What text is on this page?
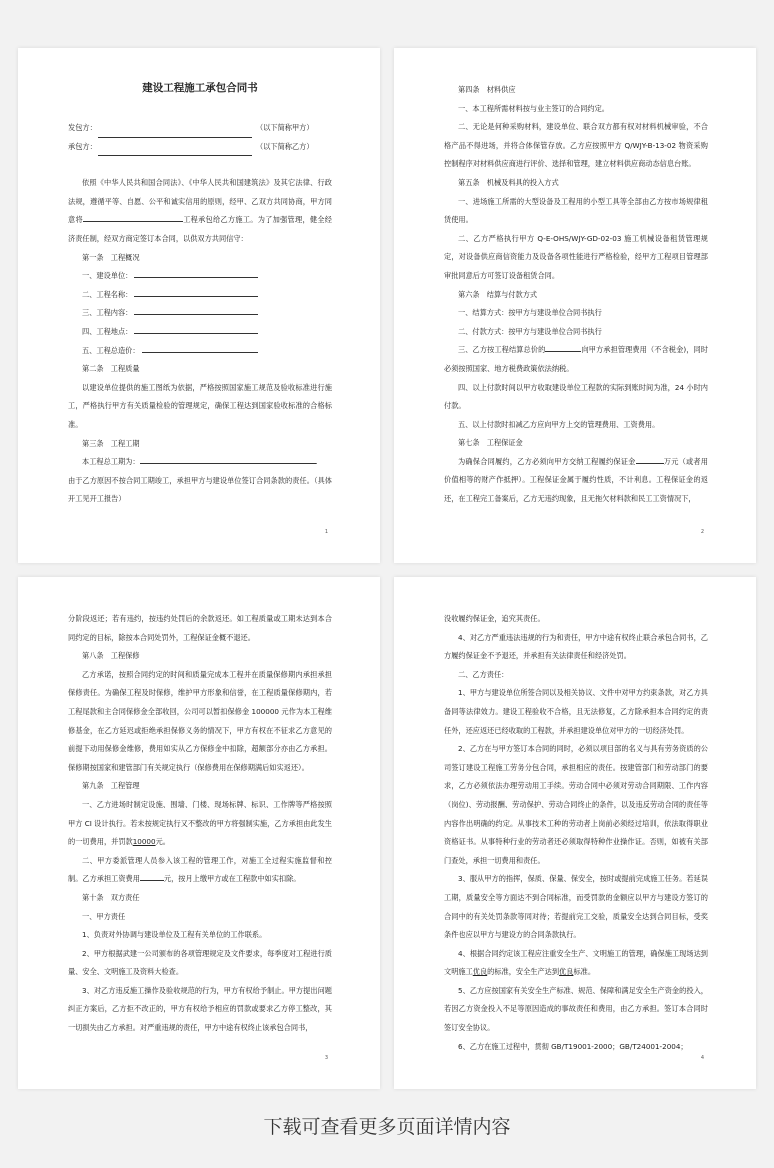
建设工程施工承包合同书

发包方：	（以下简称甲方）
承包方：	（以下简称乙方）

依照《中华人民共和国合同法》、《中华人民共和国建筑法》及其它法律、行政法规，遵循平等、自愿、公平和诚实信用的原则，经甲、乙双方共同协商，甲方同意将	工程承包给乙方施工。为了加强管理，健全经济责任制，经双方商定签订本合同，以供双方共同信守：

第一条　工程概况

一、建设单位：

二、工程名称：

三、工程内容：

四、工程地点：

五、工程总造价：

第二条　工程质量

以建设单位提供的施工图纸为依据，严格按照国家施工规范及验收标准进行施工，严格执行甲方有关质量检验的管理规定，确保工程达到国家验收标准的合格标准。

第三条　工程工期

本工程总工期为：	.

由于乙方原因不按合同工期竣工，承担甲方与建设单位签订合同条款的责任。（具体开工见开工报告）

1

第四条　材料供应

一、本工程所需材料按与业主签订的合同约定。

二、无论是何种采购材料，建设单位、联合双方都有权对材料机械审验，不合格产品不得进场，并将合体保管存放。乙方应按照甲方 Q/WJY-B-13-02 物资采购控制程序对材料供应商进行评价、选择和管理，建立材料供应商动态信息台账。

第五条　机械及料具的投入方式

一、进场施工所需的大型设备及工程用的小型工具等全部由乙方按市场规律租赁使用。

二、乙方严格执行甲方 Q-E-OHS/WJY-GD-02-03 施工机械设备租赁管理规定，对设备供应商信资能力及设备各项性能进行严格检验，经甲方工程项目管理部审批同意后方可签订设备租赁合同。

第六条　结算与付款方式

一、结算方式：按甲方与建设单位合同书执行

二、付款方式：按甲方与建设单位合同书执行

三、乙方按工程结算总价的	向甲方承担管理费用（不含税金)，同时必须按照国家、地方税费政策依法纳税。

四、以上付款时间以甲方收取建设单位工程款的实际到账时间为准，24 小时内付款。

五、以上付款时扣减乙方应向甲方上交的管理费用、工资费用。

第七条　工程保证金

为确保合同履约，乙方必须向甲方交纳工程履约保证金	万元（或者用价值相等的财产作抵押）。工程保证金属于履约性质，不计利息。工程保证金的返还，在工程完工备案后，乙方无违约现象，且无拖欠材料款和民工工资情况下，

2

分阶段返还；若有违约，按违约处罚后的余款返还。如工程质量或工期未达到本合同约定的目标，除按本合同处罚外，工程保证金概不退还。

第八条　工程保修

乙方承诺，按照合同约定的时间和质量完成本工程并在质量保修期内承担承担保修责任。为确保工程及时保修，维护甲方形象和信誉，在工程质量保修期内，若工程尾款和主合同保修金全部收回，公司可以暂扣保修金 100000 元作为本工程维修基金，在乙方延迟或拒绝承担保修义务的情况下，甲方有权在不征求乙方意见的前提下动用保修金维修，费用如实从乙方保修金中扣除，超额部分亦由乙方承担。保修期按国家和建管部门有关规定执行（保修费用在保修期满后如实返还）。

第九条　工程管理

一、乙方进场时制定设施、围墙、门楼、现场标牌、标识、工作牌等严格按照甲方 CI 设计执行。若未按规定执行又不整改的甲方将强制实施，乙方承担由此发生的一切费用，并罚款10000元。

二、甲方委派管理人员参入该工程的管理工作，对施工全过程实施监督和控制。乙方承担工资费用	元，按月上缴甲方或在工程款中如实扣除。

第十条　双方责任

一、甲方责任

1、负责对外协调与建设单位及工程有关单位的工作联系。

2、甲方根据武建一公司颁布的各项管理规定及文件要求，每季度对工程进行质量、安全、文明施工及资料大检查。

3、对乙方违反施工操作及验收规范的行为，甲方有权给予制止。甲方提出问题纠正方案后，乙方拒不改正的，甲方有权给予相应的罚款或要求乙方停工整改，其一切损失由乙方承担。对严重违规的责任，甲方中途有权终止该承包合同书，

3

没收履约保证金，追究其责任。

4、对乙方严重违法违规的行为和责任，甲方中途有权终止联合承包合同书，乙方履约保证金不予退还，并承担有关法律责任和经济处罚。

二、乙方责任：

1、甲方与建设单位所签合同以及相关协议、文件中对甲方约束条款，对乙方具备同等法律效力。建设工程验收不合格，且无法修复，乙方除承担本合同约定的责任外，还应返还已经收取的工程款，并承担建设单位对甲方的一切经济处罚。

2、乙方在与甲方签订本合同的同时，必须以项目部的名义与具有劳务资质的公司签订建设工程施工劳务分包合同，承担相应的责任。按建管部门和劳动部门的要求，乙方必须依法办理劳动用工手续。劳动合同中必须对劳动合同期限、工作内容（岗位)、劳动报酬、劳动保护、劳动合同终止的条件，以及违反劳动合同的责任等内容作出明确的约定。从事技术工种的劳动者上岗前必须经过培训，依法取得职业资格证书。从事特种行业的劳动者还必须取得特种作业操作证。否则，如被有关部门查处，承担一切费用和责任。

3、服从甲方的指挥，保质、保量、保安全，按时或提前完成施工任务。若延误工期，质量安全等方面达不到合同标准，而受罚款的金额应以甲方与建设方签订的合同中的有关处罚条款等同对待；若提前完工交验，质量安全达到合同目标，受奖条件也应以甲方与建设方的合同条款执行。

4、根据合同约定该工程应注重安全生产、文明施工的管理，确保施工现场达到文明施工优良的标准，安全生产达到优良标准。

5、乙方应按国家有关安全生产标准、规范、保障和满足安全生产资金的投入，若因乙方资金投入不足等原因造成的事故责任和费用，由乙方承担。签订本合同时签订安全协议。

6、乙方在施工过程中，贯彻 GB/T19001-2000；GB/T24001-2004；

4
下载可查看更多页面详情内容
